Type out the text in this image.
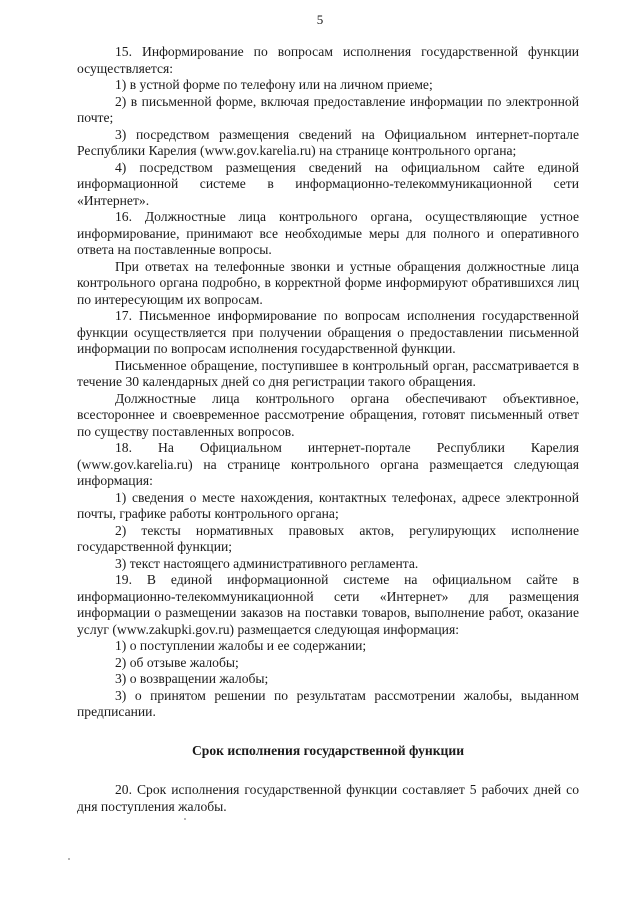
5

15. Информирование по вопросам исполнения государственной функции осуществляется:

1) в устной форме по телефону или на личном приеме;

2) в письменной форме, включая предоставление информации по электронной почте;

3) посредством размещения сведений на Официальном интернет-портале Республики Карелия (www.gov.karelia.ru) на странице контрольного органа;

4) посредством размещения сведений на официальном сайте единой информационной системе в информационно-телекоммуникационной сети «Интернет».

16. Должностные лица контрольного органа, осуществляющие устное информирование, принимают все необходимые меры для полного и оперативного ответа на поставленные вопросы.

При ответах на телефонные звонки и устные обращения должностные лица контрольного органа подробно, в корректной форме информируют обратившихся лиц по интересующим их вопросам.

17. Письменное информирование по вопросам исполнения государственной функции осуществляется при получении обращения о предоставлении письменной информации по вопросам исполнения государственной функции.

Письменное обращение, поступившее в контрольный орган, рассматривается в течение 30 календарных дней со дня регистрации такого обращения.

Должностные лица контрольного органа обеспечивают объективное, всестороннее и своевременное рассмотрение обращения, готовят письменный ответ по существу поставленных вопросов.

18. На Официальном интернет-портале Республики Карелия (www.gov.karelia.ru) на странице контрольного органа размещается следующая информация:

1) сведения о месте нахождения, контактных телефонах, адресе электронной почты, графике работы контрольного органа;

2) тексты нормативных правовых актов, регулирующих исполнение государственной функции;

3) текст настоящего административного регламента.

19. В единой информационной системе на официальном сайте в информационно-телекоммуникационной сети «Интернет» для размещения информации о размещении заказов на поставки товаров, выполнение работ, оказание услуг (www.zakupki.gov.ru) размещается следующая информация:

1) о поступлении жалобы и ее содержании;

2) об отзыве жалобы;

3) о возвращении жалобы;

3) о принятом решении по результатам рассмотрении жалобы, выданном предписании.

Срок исполнения государственной функции

20. Срок исполнения государственной функции составляет 5 рабочих дней со дня поступления жалобы.
